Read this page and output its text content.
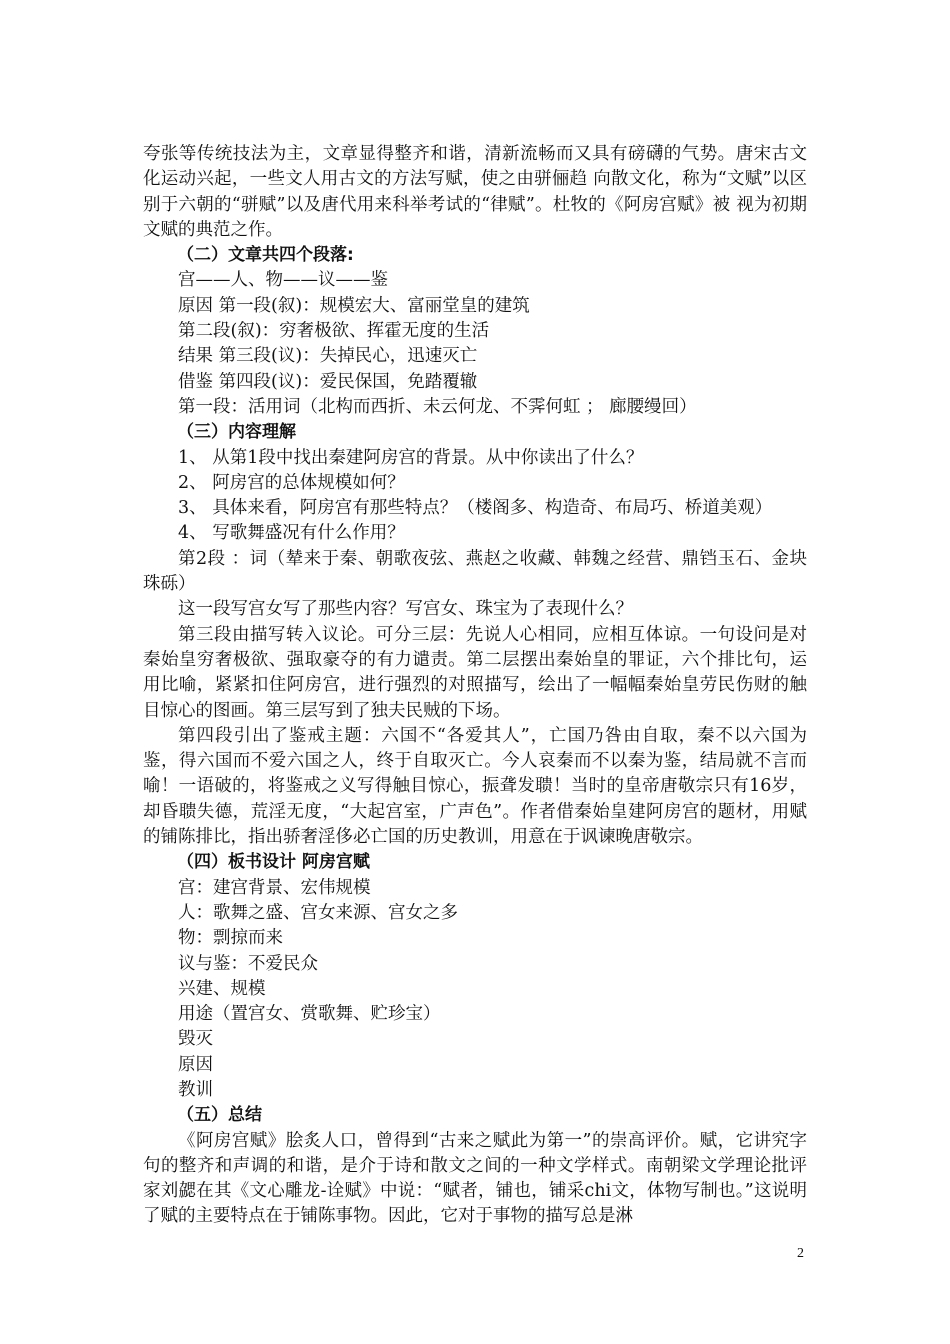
夸张等传统技法为主，文章显得整齐和谐，清新流畅而又具有磅礴的气势。唐宋古文化运动兴起，一些文人用古文的方法写赋，使之由骈俪趋 向散文化，称为“文赋”以区别于六朝的“骈赋”以及唐代用来科举考试的“律赋”。杜牧的《阿房宫赋》被 视为初期文赋的典范之作。

（二）文章共四个段落:

宫——人、物——议——鉴

原因 第一段(叙)：规模宏大、富丽堂皇的建筑

第二段(叙)：穷奢极欲、挥霍无度的生活

结果 第三段(议)：失掉民心，迅速灭亡

借鉴 第四段(议)：爱民保国，免踏覆辙

第一段：活用词（北构而西折、未云何龙、不霁何虹 ； 廊腰缦回）

（三）内容理解

1、 从第1段中找出秦建阿房宫的背景。从中你读出了什么？

2、 阿房宫的总体规模如何？

3、 具体来看，阿房宫有那些特点？（楼阁多、构造奇、布局巧、桥道美观）

4、 写歌舞盛况有什么作用？

第2段 ：词（辇来于秦、朝歌夜弦、燕赵之收藏、韩魏之经营、鼎铛玉石、金块珠砾）

这一段写宫女写了那些内容？写宫女、珠宝为了表现什么？

第三段由描写转入议论。可分三层：先说人心相同，应相互体谅。一句设问是对秦始皇穷奢极欲、强取豪夺的有力谴责。第二层摆出秦始皇的罪证，六个排比句，运用比喻，紧紧扣住阿房宫，进行强烈的对照描写，绘出了一幅幅秦始皇劳民伤财的触目惊心的图画。第三层写到了独夫民贼的下场。

第四段引出了鉴戒主题：六国不“各爱其人”，亡国乃咎由自取，秦不以六国为鉴，得六国而不爱六国之人，终于自取灭亡。今人哀秦而不以秦为鉴，结局就不言而喻！一语破的，将鉴戒之义写得触目惊心，振聋发聩！当时的皇帝唐敬宗只有16岁，却昏聩失德，荒淫无度，“大起宫室，广声色”。作者借秦始皇建阿房宫的题材，用赋的铺陈排比，指出骄奢淫侈必亡国的历史教训，用意在于讽谏晚唐敬宗。

（四）板书设计 阿房宫赋

宫：建宫背景、宏伟规模

人：歌舞之盛、宫女来源、宫女之多

物：剽掠而来

议与鉴：不爱民众

兴建、规模

用途（置宫女、赏歌舞、贮珍宝）

毁灭

原因

教训

（五）总结

《阿房宫赋》脍炙人口，曾得到“古来之赋此为第一”的崇高评价。赋，它讲究字句的整齐和声调的和谐，是介于诗和散文之间的一种文学样式。南朝梁文学理论批评家刘勰在其《文心雕龙-诠赋》中说：“赋者，铺也，铺采chi文，体物写制也。”这说明了赋的主要特点在于铺陈事物。因此，它对于事物的描写总是淋

2
